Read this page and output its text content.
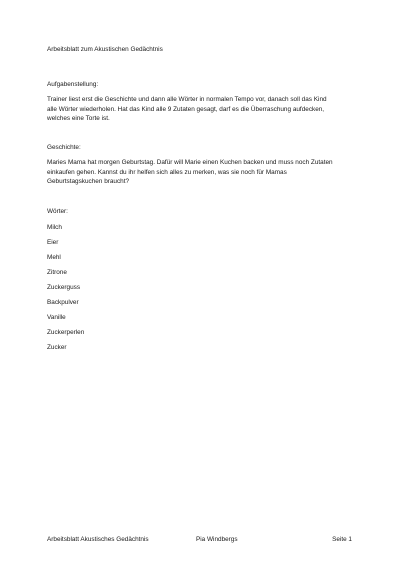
Arbeitsblatt zum Akustischen Gedächtnis
Aufgabenstellung:
Trainer liest erst die Geschichte und dann alle Wörter in normalen Tempo vor, danach soll das Kind
alle Wörter wiederholen. Hat das Kind alle 9 Zutaten gesagt, darf es die Überraschung aufdecken,
welches eine Torte ist.
Geschichte:
Maries Mama hat morgen Geburtstag. Dafür will Marie einen Kuchen backen und muss noch Zutaten
einkaufen gehen. Kannst du ihr helfen sich alles zu merken, was sie noch für Mamas
Geburtstagskuchen braucht?
Wörter:
Milch
Eier
Mehl
Zitrone
Zuckerguss
Backpulver
Vanille
Zuckerperlen
Zucker
Arbeitsblatt Akustisches Gedächtnis	Pia Windbergs	Seite 1
